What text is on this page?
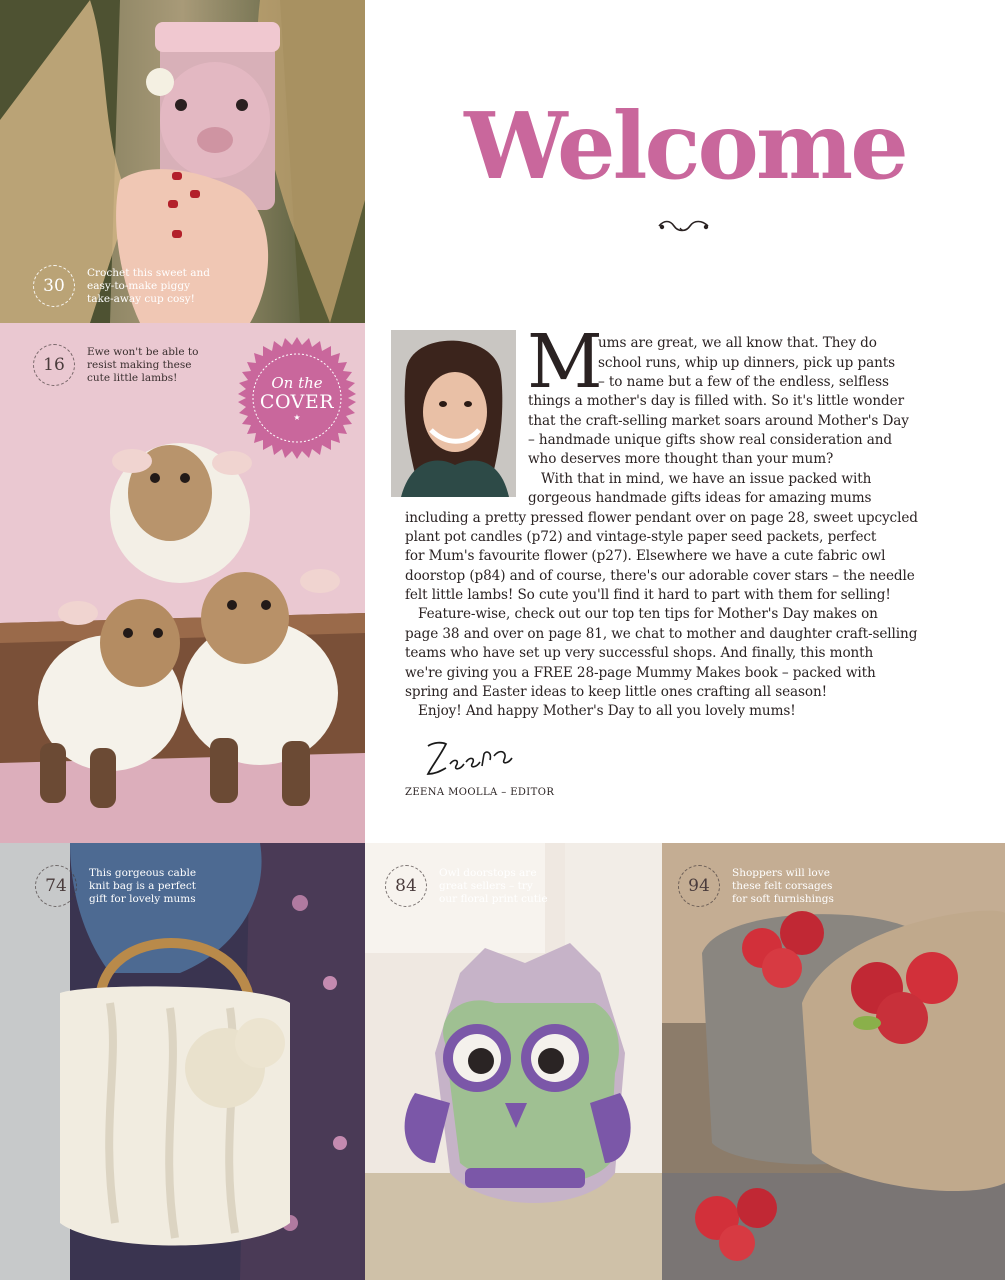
30
Crochet this sweet and
easy-to-make piggy
take-away cup cosy!
16
Ewe won't be able to
resist making these
cute little lambs!	On the
COVER
★
74
This gorgeous cable
knit bag is a perfect
gift for lovely mums
84
Owl doorstops are
great sellers – try
our floral print cutie
94
Shoppers will love
these felt corsages
for soft furnishings
Welcome
M
ums are great, we all know that. They do
school runs, whip up dinners, pick up pants
– to name but a few of the endless, selfless
things a mother's day is filled with. So it's little wonder
that the craft-selling market soars around Mother's Day
– handmade unique gifts show real consideration and
who deserves more thought than your mum?
With that in mind, we have an issue packed with
gorgeous handmade gifts ideas for amazing mums
including a pretty pressed flower pendant over on page 28, sweet upcycled
plant pot candles (p72) and vintage-style paper seed packets, perfect
for Mum's favourite flower (p27). Elsewhere we have a cute fabric owl
doorstop (p84) and of course, there's our adorable cover stars – the needle
felt little lambs! So cute you'll find it hard to part with them for selling!
Feature-wise, check out our top ten tips for Mother's Day makes on
page 38 and over on page 81, we chat to mother and daughter craft-selling
teams who have set up very successful shops. And finally, this month
we're giving you a FREE 28-page Mummy Makes book – packed with
spring and Easter ideas to keep little ones crafting all season!
Enjoy! And happy Mother's Day to all you lovely mums!
ZEENA MOOLLA – EDITOR
